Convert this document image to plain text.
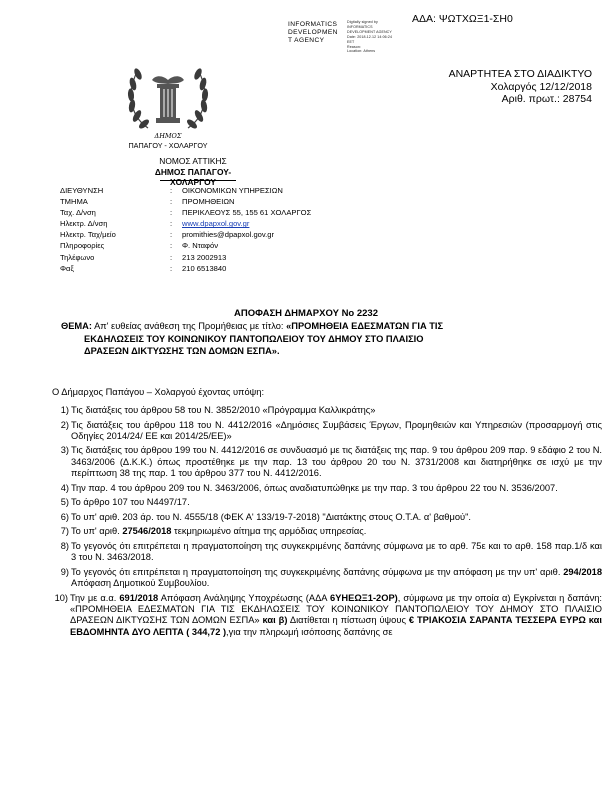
ΑΔΑ: ΨΩΤΧΩΞ1-ΣΗ0
INFORMATICS
DEVELOPMEN
T AGENCY
Digitally signed by
INFORMATICS
DEVELOPMENT AGENCY
Date: 2018.12.12 14:06:24
EET
Reason:
Location: Athens
ΔΗΜΟΣ
ΠΑΠΑΓΟΥ - ΧΟΛΑΡΓΟΥ
ΑΝΑΡΤΗΤΕΑ ΣΤΟ ΔΙΑΔΙΚΤΥΟ
Χολαργός 12/12/2018
Αριθ. πρωτ.: 28754
ΝΟΜΟΣ ΑΤΤΙΚΗΣ
ΔΗΜΟΣ ΠΑΠΑΓΟΥ-ΧΟΛΑΡΓΟΥ
ΔΙΕΥΘΥΝΣΗ	:	ΟΙΚΟΝΟΜΙΚΩΝ ΥΠΗΡΕΣΙΩΝ
ΤΜΗΜΑ	:	ΠΡΟΜΗΘΕΙΩΝ
Ταχ. Δ/νση	:	ΠΕΡΙΚΛΕΟΥΣ 55, 155 61 ΧΟΛΑΡΓΟΣ
Ηλεκτρ. Δ/νση	:	www.dpapxol.gov.gr
Ηλεκτρ. Ταχ/μείο	:	promithies@dpapxol.gov.gr
Πληροφορίες	:	Φ. Νταφόν
Τηλέφωνο	:	213 2002913
Φαξ	:	210 6513840
ΑΠΟΦΑΣΗ ΔΗΜΑΡΧΟΥ Νο 2232
ΘΕΜΑ: Απ' ευθείας ανάθεση της Προμήθειας με τίτλο: «ΠΡΟΜΗΘΕΙΑ ΕΔΕΣΜΑΤΩΝ ΓΙΑ ΤΙΣ
ΕΚΔΗΛΩΣΕΙΣ ΤΟΥ ΚΟΙΝΩΝΙΚΟΥ ΠΑΝΤΟΠΩΛΕΙΟΥ ΤΟΥ ΔΗΜΟΥ ΣΤΟ ΠΛΑΙΣΙΟ
ΔΡΑΣΕΩΝ ΔΙΚΤΥΩΣΗΣ ΤΩΝ ΔΟΜΩΝ ΕΣΠΑ».
Ο Δήμαρχος Παπάγου – Χολαργού έχοντας υπόψη:
1) Τις διατάξεις του άρθρου 58 του Ν. 3852/2010 «Πρόγραμμα Καλλικράτης»
2) Τις διατάξεις του άρθρου 118 του Ν. 4412/2016 «Δημόσιες Συμβάσεις Έργων, Προμηθειών και Υπηρεσιών (προσαρμογή στις Οδηγίες 2014/24/ ΕΕ και 2014/25/ΕΕ)»
3) Τις διατάξεις του άρθρου 199 του Ν. 4412/2016 σε συνδυασμό με τις διατάξεις της παρ. 9 του άρθρου 209 παρ. 9 εδάφιο 2 του Ν. 3463/2006 (Δ.Κ.Κ.) όπως προστέθηκε με την παρ. 13 του άρθρου 20 του Ν. 3731/2008 και διατηρήθηκε σε ισχύ με την περίπτωση 38 της παρ. 1 του άρθρου 377 του Ν. 4412/2016.
4) Την παρ. 4 του άρθρου 209 του Ν. 3463/2006, όπως αναδιατυπώθηκε με την παρ. 3 του άρθρου 22 του Ν. 3536/2007.
5) Το άρθρο 107 του Ν4497/17.
6) Το υπ' αριθ. 203 άρ. του Ν. 4555/18 (ΦΕΚ Α' 133/19-7-2018) "Διατάκτης στους Ο.Τ.Α. α' βαθμού".
7) Το υπ' αριθ. 27546/2018 τεκμηριωμένο αίτημα της αρμόδιας υπηρεσίας.
8) Το γεγονός ότι επιτρέπεται η πραγματοποίηση της συγκεκριμένης δαπάνης σύμφωνα με το αρθ. 75ε και το αρθ. 158 παρ.1/δ και 3 του Ν. 3463/2018.
9) Το γεγονός ότι επιτρέπεται η πραγματοποίηση της συγκεκριμένης δαπάνης σύμφωνα με την απόφαση με την υπ' αριθ. 294/2018 Απόφαση Δημοτικού Συμβουλίου.
10) Την με α.α. 691/2018 Απόφαση Ανάληψης Υποχρέωσης (ΑΔΑ 6ΥΗΕΩΞ1-2ΟΡ), σύμφωνα με την οποία α) Εγκρίνεται η δαπάνη: «ΠΡΟΜΗΘΕΙΑ ΕΔΕΣΜΑΤΩΝ ΓΙΑ ΤΙΣ ΕΚΔΗΛΩΣΕΙΣ ΤΟΥ ΚΟΙΝΩΝΙΚΟΥ ΠΑΝΤΟΠΩΛΕΙΟΥ ΤΟΥ ΔΗΜΟΥ ΣΤΟ ΠΛΑΙΣΙΟ ΔΡΑΣΕΩΝ ΔΙΚΤΥΩΣΗΣ ΤΩΝ ΔΟΜΩΝ ΕΣΠΑ» και β) Διατίθεται η πίστωση ύψους € ΤΡΙΑΚΟΣΙΑ ΣΑΡΑΝΤΑ ΤΕΣΣΕΡΑ ΕΥΡΩ και ΕΒΔΟΜΗΝΤΑ ΔΥΟ ΛΕΠΤΑ ( 344,72 ),για την πληρωμή ισόποσης δαπάνης σε
